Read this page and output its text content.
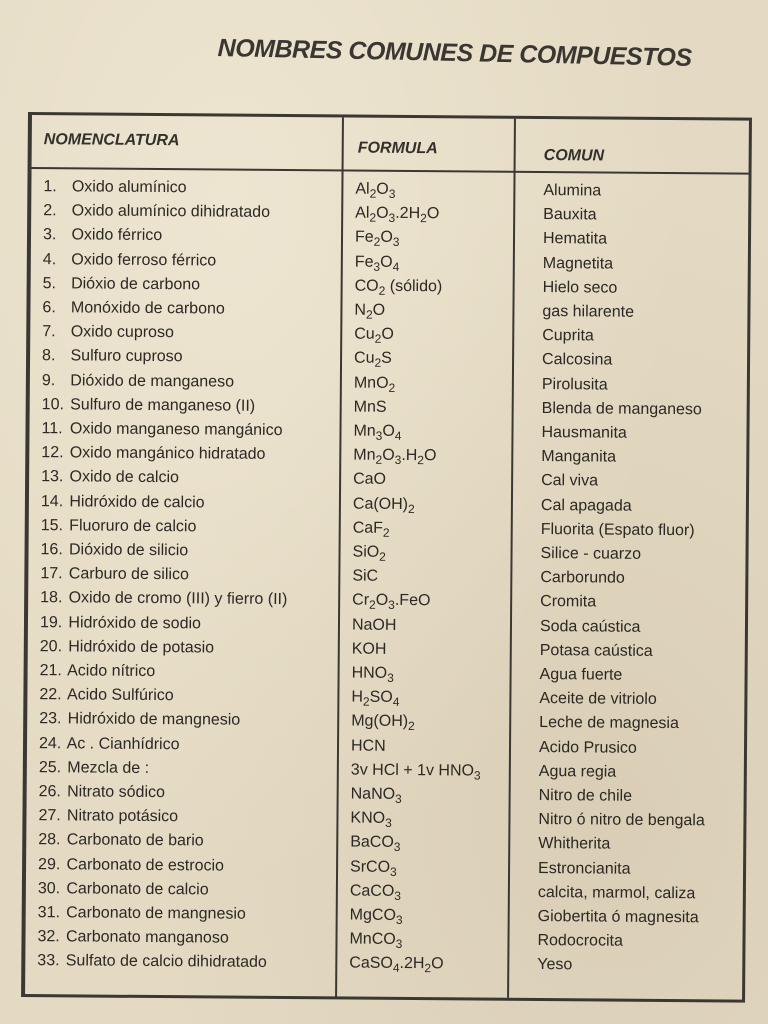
NOMBRES COMUNES DE COMPUESTOS
NOMENCLATURA	FORMULA	COMUN
1. Oxido alumínico	$Al_2O_3$	Alumina
2. Oxido alumínico dihidratado	$Al_2O_3.2H_2O$	Bauxita
3. Oxido férrico	$Fe_2O_3$	Hematita
4. Oxido ferroso férrico	$Fe_3O_4$	Magnetita
5. Dióxio de carbono	$CO_2$ (sólido)	Hielo seco
6. Monóxido de carbono	$N_2O$	gas hilarente
7. Oxido cuproso	$Cu_2O$	Cuprita
8. Sulfuro cuproso	$Cu_2S$	Calcosina
9. Dióxido de manganeso	MnO$_2$	Pirolusita
10. Sulfuro de manganeso (II)	MnS	Blenda de manganeso
11. Oxido manganeso mangánico	$Mn_3O_4$	Hausmanita
12. Oxido mangánico hidratado	$Mn_2O_3.H_2O$	Manganita
13. Oxido de calcio	CaO	Cal viva
14. Hidróxido de calcio	$Ca(OH)_2$	Cal apagada
15. Fluoruro de calcio	CaF$_2$	Fluorita (Espato fluor)
16. Dióxido de silicio	SiO$_2$	Silice - cuarzo
17. Carburo de silico	SiC	Carborundo
18. Oxido de cromo (III) y fierro (II)	$Cr_2O_3.FeO$	Cromita
19. Hidróxido de sodio	NaOH	Soda caústica
20. Hidróxido de potasio	KOH	Potasa caústica
21. Acido nítrico	$HNO_3$	Agua fuerte
22. Acido Sulfúrico	$H_2SO_4$	Aceite de vitriolo
23. Hidróxido de mangnesio	$Mg(OH)_2$	Leche de magnesia
24. Ac . Cianhídrico	HCN	Acido Prusico
25. Mezcla de :	3v HCl + 1v $HNO_3$	Agua regia
26. Nitrato sódico	NaNO$_3$	Nitro de chile
27. Nitrato potásico	$KNO_3$	Nitro ó nitro de bengala
28. Carbonato de bario	BaCO$_3$	Whitherita
29. Carbonato de estrocio	SrCO$_3$	Estroncianita
30. Carbonato de calcio	CaCO$_3$	calcita, marmol, caliza
31. Carbonato de mangnesio	MgCO$_3$	Giobertita ó magnesita
32. Carbonato manganoso	MnCO$_3$	Rodocrocita
33. Sulfato de calcio dihidratado	$CaSO_4.2H_2O$	Yeso
